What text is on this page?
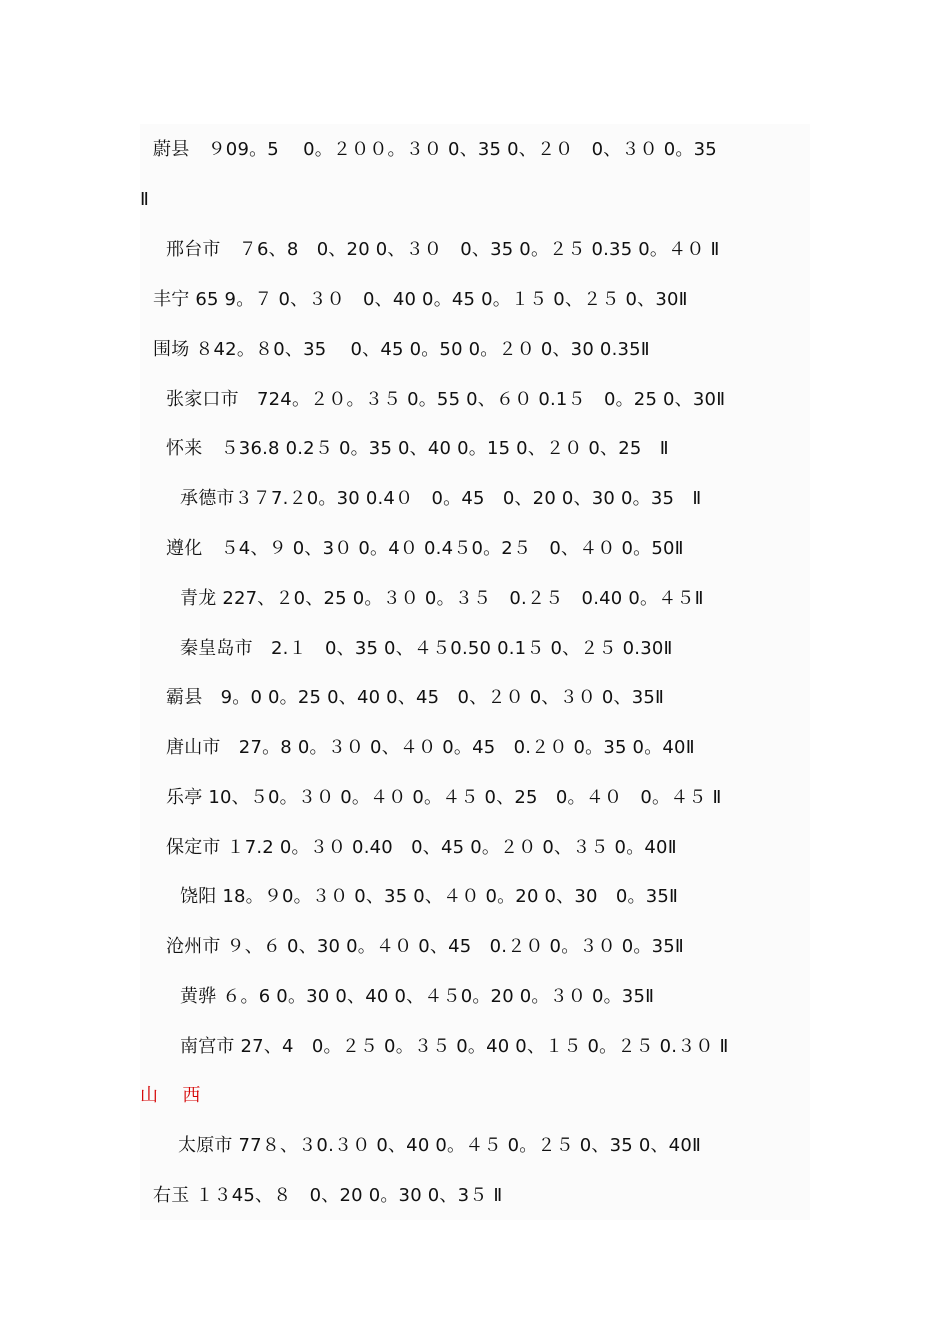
蔚县　９09。5　 0。２００。３０ 0、35 0、２０　0、３０ 0。35
Ⅱ
邢台市　７6、8　0、20 0、３０　0、35 0。２５ 0.35 0。４０ Ⅱ
丰宁 65 9。７ 0、３０　0、40 0。45 0。１５ 0、２５ 0、30Ⅱ
围场 ８42。８0、35　 0、45 0。50 0。２０ 0、30 0.35Ⅱ
张家口市　724。２０。３５ 0。55 0、６０ 0.1５　0。25 0、30Ⅱ
怀来　５36.8 0.2５ 0。35 0、40 0。15 0、２０ 0、25　Ⅱ
承德市３７7.２0。30 0.4０　0。45　0、20 0、30 0。35　Ⅱ
遵化　５4、９ 0、3０ 0。4０ 0.4５0。2５　0、４０ 0。50Ⅱ
青龙 227、２0、25 0。３０ 0。３５　0.２５　0.40 0。４５Ⅱ
秦皇岛市　2.１　0、35 0、４５0.50 0.1５ 0、２５ 0.30Ⅱ
霸县　9。0 0。25 0、40 0、45　0、２０ 0、３０ 0、35Ⅱ
唐山市　27。8 0。３０ 0、４０ 0。45　0.２０ 0。35 0。40Ⅱ
乐亭 10、５0。３０ 0。４０ 0。４５ 0、25　0。４０　0。４５ Ⅱ
保定市 １7.2 0。３０ 0.40　0、45 0。２０ 0、３５ 0。40Ⅱ
饶阳 18。９0。３０ 0、35 0、４０ 0。20 0、30　0。35Ⅱ
沧州市 ９、６ 0、30 0。４０ 0、45　0.２０ 0。３０ 0。35Ⅱ
黄骅 ６。6 0。30 0、40 0、４５0。20 0。３０ 0。35Ⅱ
南宫市 27、4　0。２５ 0。３５ 0。40 0、１５ 0。２５ 0.３０ Ⅱ
山　 西
太原市 77８、３0.３０ 0、40 0。４５ 0。２５ 0、35 0、40Ⅱ
右玉 １３45、８　0、20 0。30 0、3５ Ⅱ
